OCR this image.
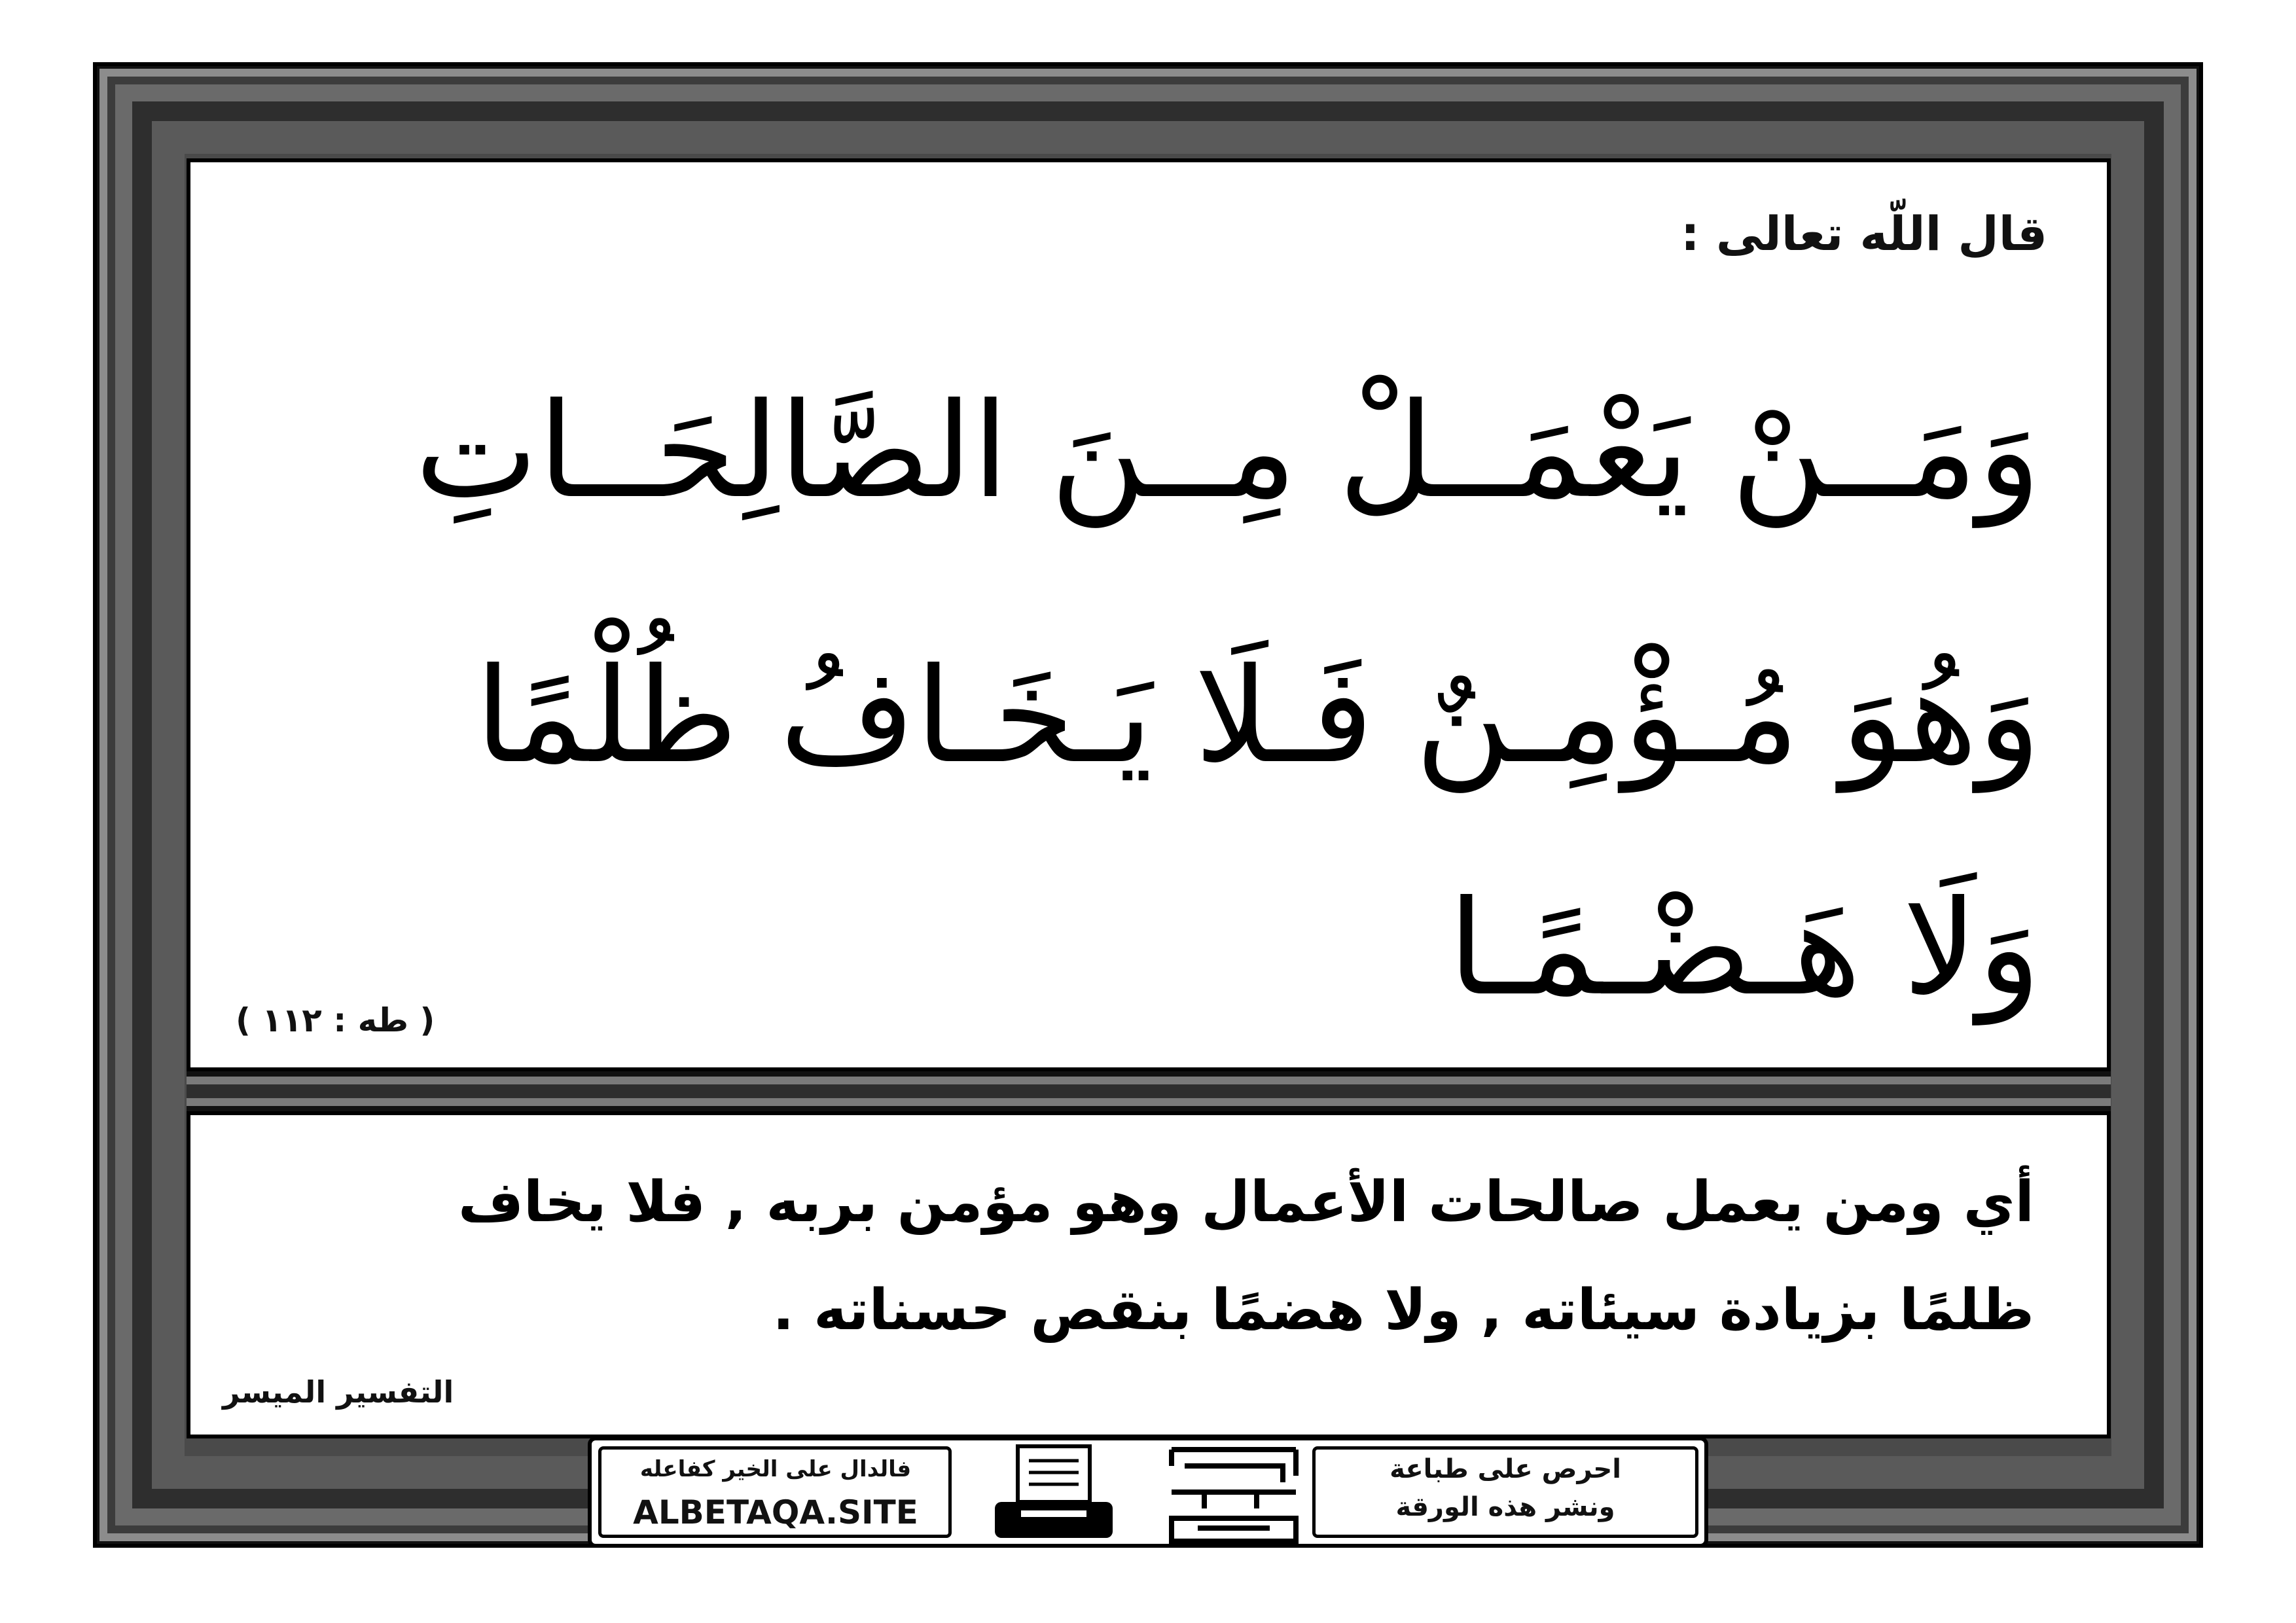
قال اللّه تعالى :
وَمَــنْ يَعْمَــلْ مِــنَ الصَّالِحَــاتِ
وَهُوَ مُـؤْمِـنٌ فَـلَا يَـخَـافُ ظُلْمًا
وَلَا هَـضْـمًـا
( طه : ١١٢ )
أي ومن يعمل صالحات الأعمال وهو مؤمن بربه , فلا يخاف
ظلمًا بزيادة سيئاته , ولا هضمًا بنقص حسناته .
التفسير الميسر
فالدال على الخير كفاعله
ALBETAQA.SITE
احرص على طباعة
ونشر هذه الورقة
